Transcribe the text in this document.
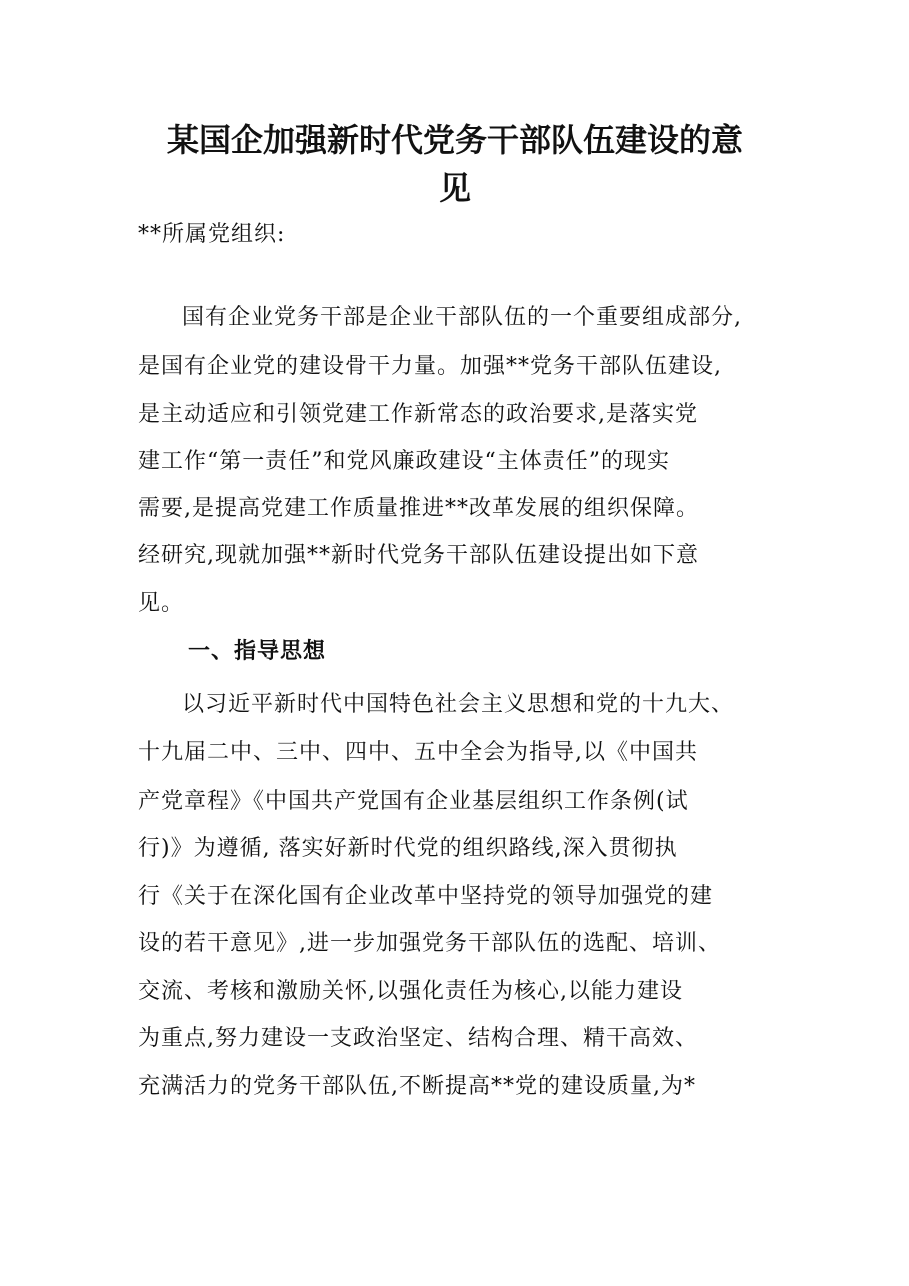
某国企加强新时代党务干部队伍建设的意
见
**所属党组织:
国有企业党务干部是企业干部队伍的一个重要组成部分,
是国有企业党的建设骨干力量。加强**党务干部队伍建设,
是主动适应和引领党建工作新常态的政治要求,是落实党
建工作“第一责任”和党风廉政建设“主体责任”的现实
需要,是提高党建工作质量推进**改革发展的组织保障。
经研究,现就加强**新时代党务干部队伍建设提出如下意
见。
一、指导思想
以习近平新时代中国特色社会主义思想和党的十九大、
十九届二中、三中、四中、五中全会为指导,以《中国共
产党章程》《中国共产党国有企业基层组织工作条例(试
行)》为遵循, 落实好新时代党的组织路线,深入贯彻执
行《关于在深化国有企业改革中坚持党的领导加强党的建
设的若干意见》,进一步加强党务干部队伍的选配、培训、
交流、考核和激励关怀,以强化责任为核心,以能力建设
为重点,努力建设一支政治坚定、结构合理、精干高效、
充满活力的党务干部队伍,不断提高**党的建设质量,为*
